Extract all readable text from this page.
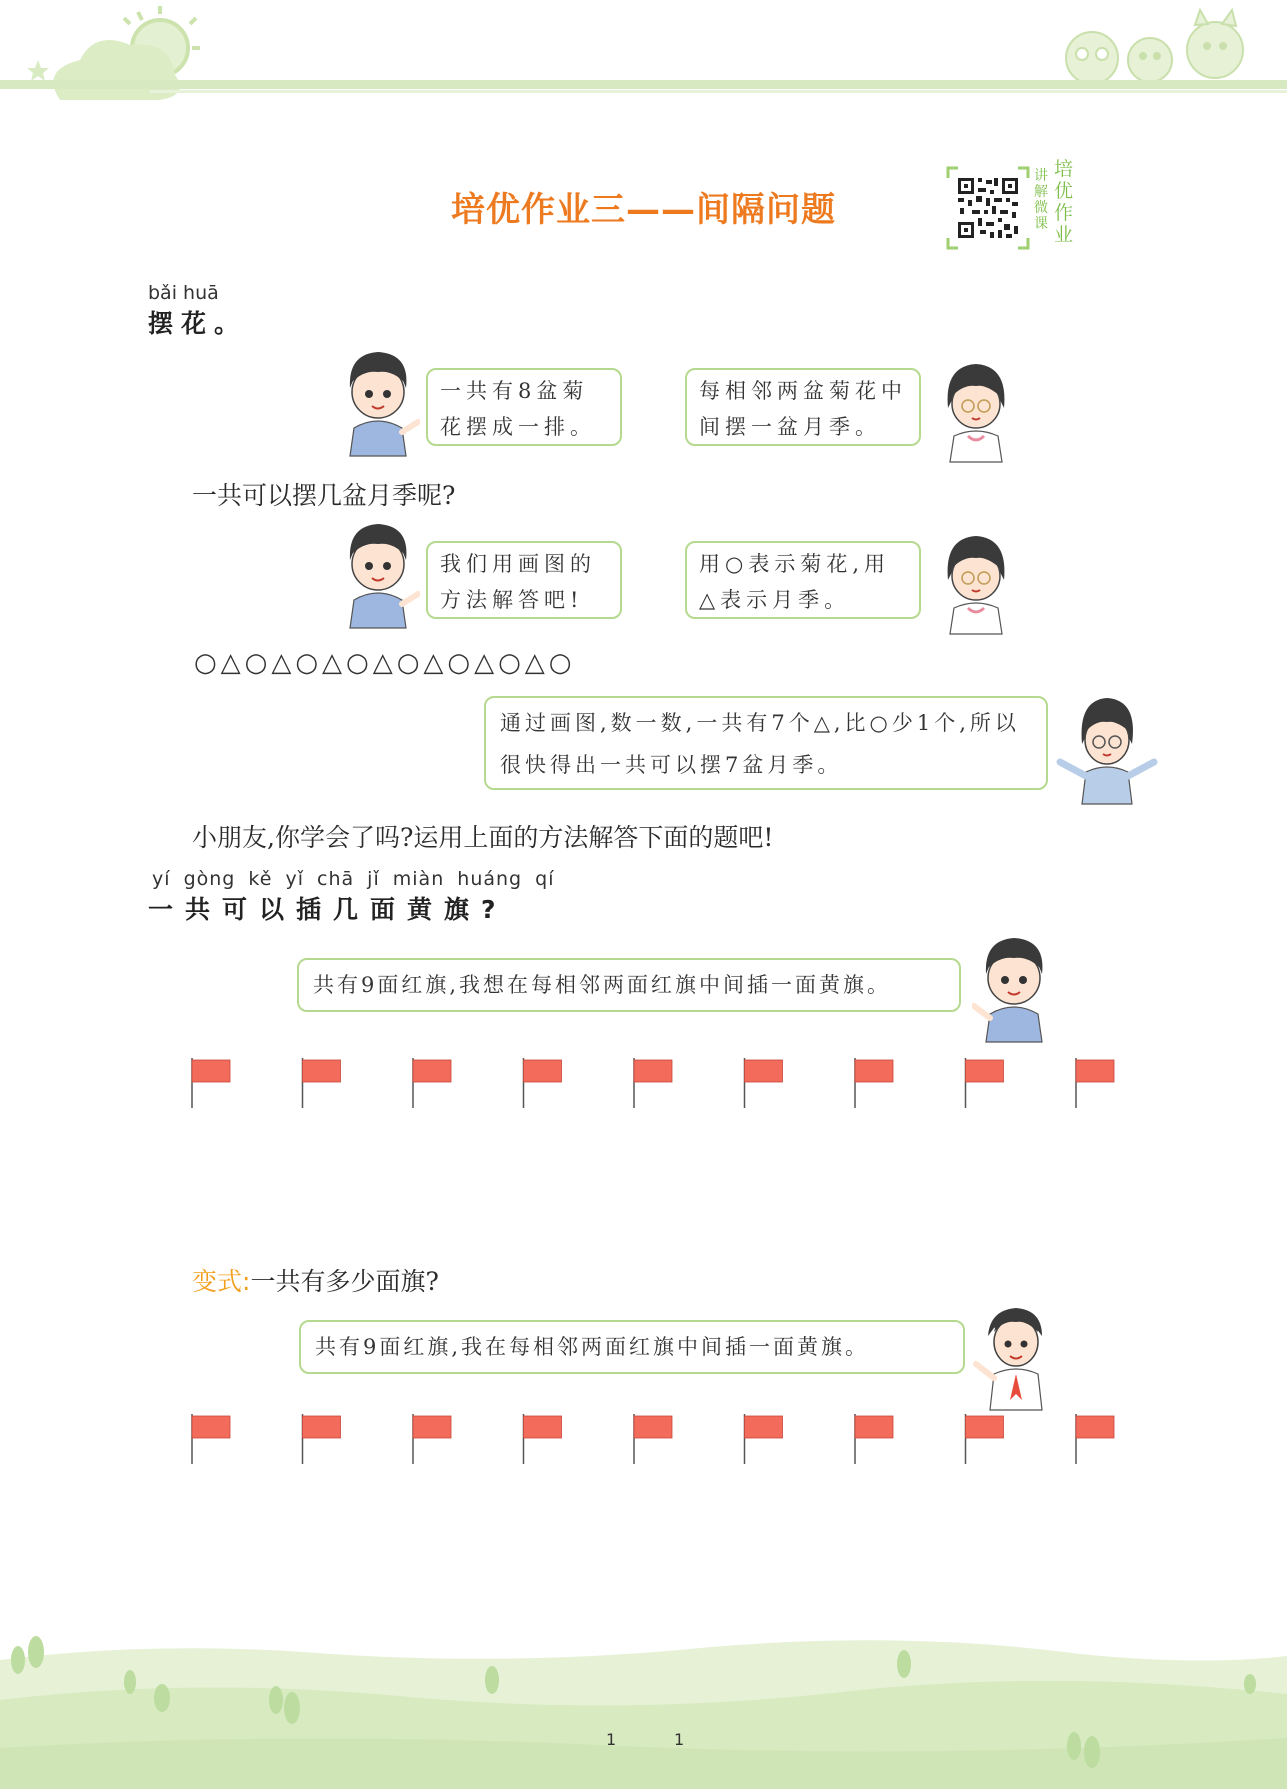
培优作业三——间隔问题
讲解微课
培优作业
bǎi huā
摆花。
一共有8盆菊花摆成一排。
每相邻两盆菊花中间摆一盆月季。
一共可以摆几盆月季呢?
我们用画图的方法解答吧!
用○表示菊花,用△表示月季。
○△○△○△○△○△○△○△○
通过画图,数一数,一共有7个△,比○少1个,所以很快得出一共可以摆7盆月季。
小朋友,你学会了吗?运用上面的方法解答下面的题吧!
yí gòng kě yǐ chā jǐ miàn huáng qí
一共可以插几面黄旗?
共有9面红旗,我想在每相邻两面红旗中间插一面黄旗。
变式:一共有多少面旗?
共有9面红旗,我在每相邻两面红旗中间插一面黄旗。
1	1
